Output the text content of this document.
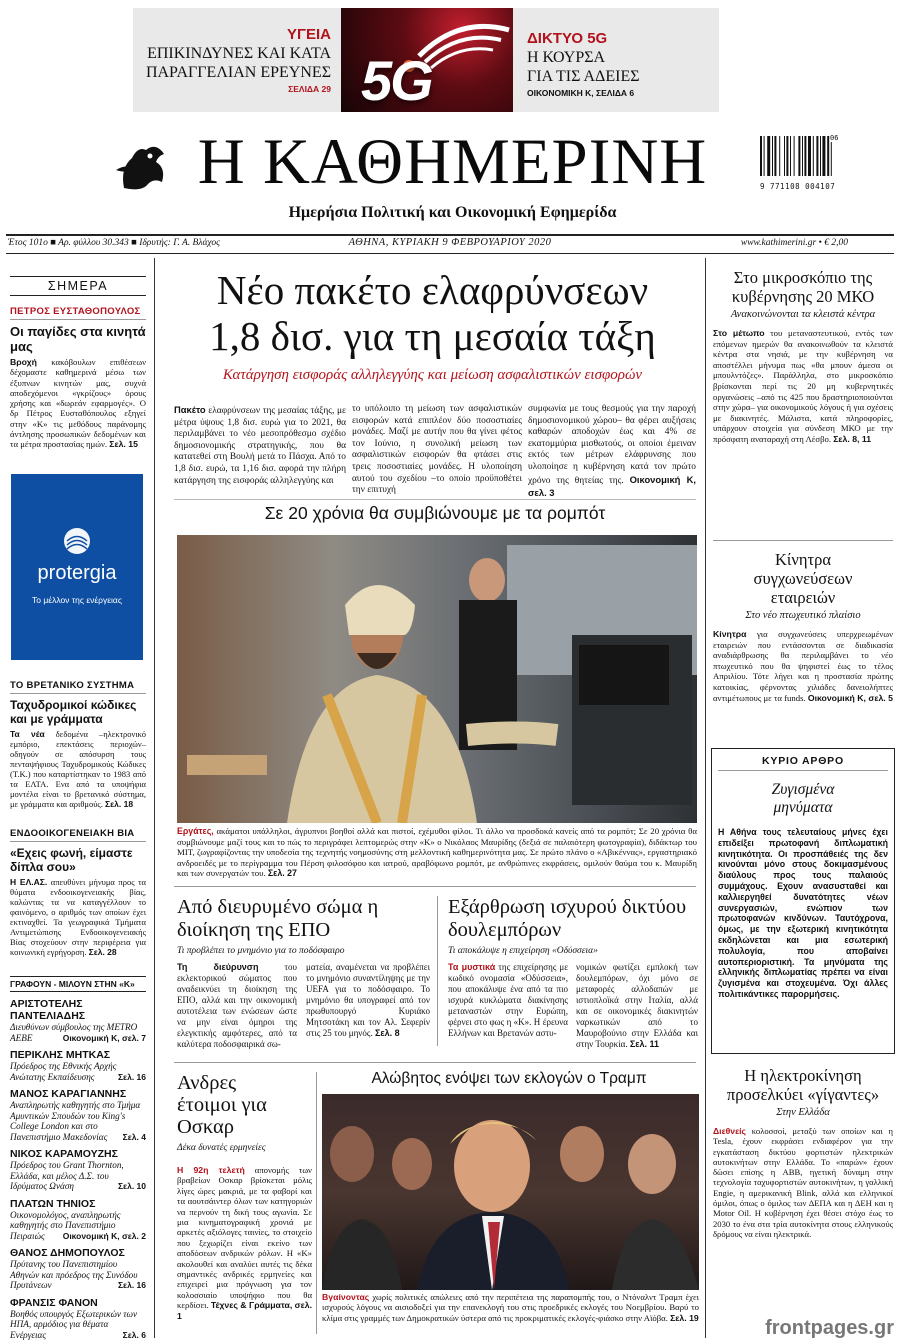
ΥΓΕΙΑ
ΕΠΙΚΙΝΔΥΝΕΣ ΚΑΙ ΚΑΤΑ
ΠΑΡΑΓΓΕΛΙΑΝ ΕΡΕΥΝΕΣ
ΣΕΛΙΔΑ 29 5G
ΔΙΚΤΥΟ 5G
Η ΚΟΥΡΣΑ
ΓΙΑ ΤΙΣ ΑΔΕΙΕΣ
ΟΙΚΟΝΟΜΙΚΗ Κ, ΣΕΛΙΔΑ 6
Η ΚΑΘΗΜΕΡΙΝΗ
Ημερήσια Πολιτική και Οικονομική Εφημερίδα
06
9 771108 004107
Έτος 101ο ■ Αρ. φύλλου 30.343 ■ Ιδρυτής: Γ. Α. Βλάχος	ΑΘΗΝΑ, ΚΥΡΙΑΚΗ 9 ΦΕΒΡΟΥΑΡΙΟΥ 2020	www.kathimerini.gr • € 2,00
ΣΗΜΕΡΑ
ΠΕΤΡΟΣ ΕΥΣΤΑΘΟΠΟΥΛΟΣ
Οι παγίδες στα κινητά μας
Βροχή κακόβουλων επιθέσεων δέχομαστε καθημερινά μέσω των έξυπνων κινητών μας, συχνά αποδεχόμενοι «γκρίζους» όρους χρήσης και «δωρεάν εφαρμογές». Ο δρ Πέτρος Ευσταθόπουλος εξηγεί στην «Κ» τις μεθόδους παράνομης άντλησης προσωπικών δεδομένων και τα μέτρα προστασίας ημών. Σελ. 15
protergia
Το μέλλον της ενέργειας
ΤΟ ΒΡΕΤΑΝΙΚΟ ΣΥΣΤΗΜΑ
Ταχυδρομικοί κώδικες και με γράμματα
Τα νέα δεδομένα –ηλεκτρονικό εμπόριο, επεκτάσεις περιοχών– οδηγούν σε απόσυρση τους πενταψήφιους Ταχυδρομικούς Κώδικες (Τ.Κ.) που καταρτίστηκαν το 1983 από τα ΕΛΤΑ. Ενα από τα υποψήφια μοντέλα είναι το βρετανικό σύστημα, με γράμματα και αριθμούς. Σελ. 18
ΕΝΔΟΟΙΚΟΓΕΝΕΙΑΚΗ ΒΙΑ
«Εχεις φωνή, είμαστε δίπλα σου»
Η ΕΛ.ΑΣ. απευθύνει μήνυμα προς τα θύματα ενδοοικογενειακής βίας, καλώντας τα να καταγγέλλουν το φαινόμενο, ο αριθμός των οποίων έχει εκτιναχθεί. Τα γεωγραφικά Τμήματα Αντιμετώπισης Ενδοοικογενειακής Βίας στοχεύουν στην περιφέρεια για κοινωνική εγρήγορση. Σελ. 28
ΓΡΑΦΟΥΝ - ΜΙΛΟΥΝ ΣΤΗΝ «Κ»
ΑΡΙΣΤΟΤΕΛΗΣ ΠΑΝΤΕΛΙΑΔΗΣ
Διευθύνων σύμβουλος της METRO AEBE	Οικονομική Κ, σελ. 7
ΠΕΡΙΚΛΗΣ ΜΗΤΚΑΣ
Πρόεδρος της Εθνικής Αρχής Ανώτατης Εκπαίδευσης	Σελ. 16
ΜΑΝΟΣ ΚΑΡΑΓΙΑΝΝΗΣ
Αναπληρωτής καθηγητής στο Τμήμα Αμυντικών Σπουδών του King's College London και στο Πανεπιστήμιο Μακεδονίας Σελ. 4
ΝΙΚΟΣ ΚΑΡΑΜΟΥΖΗΣ
Πρόεδρος του Grant Thornton, Ελλάδα, και μέλος Δ.Σ. του Ιδρύματος Ωνάση	Σελ. 10
ΠΛΑΤΩΝ ΤΗΝΙΟΣ
Οικονομολόγος, αναπληρωτής καθηγητής στο Πανεπιστήμιο Πειραιώς Οικονομική Κ, σελ. 2
ΘΑΝΟΣ ΔΗΜΟΠΟΥΛΟΣ
Πρύτανης του Πανεπιστημίου Αθηνών και πρόεδρος της Συνόδου Πρυτάνεων	Σελ. 16
ΦΡΑΝΣΙΣ ΦΑΝΟΝ
Βοηθός υπουργός Εξωτερικών των ΗΠΑ, αρμόδιος για θέματα Ενέργειας	Σελ. 6
Νέο πακέτο ελαφρύνσεων
1,8 δισ. για τη μεσαία τάξη
Κατάργηση εισφοράς αλληλεγγύης και μείωση ασφαλιστικών εισφορών
Πακέτο ελαφρύνσεων της μεσαίας τάξης, με μέτρα ύψους 1,8 δισ. ευρώ για το 2021, θα περιλαμβάνει το νέο μεσοπρόθεσμο σχέδιο δημοσιονομικής στρατηγικής, που θα κατατεθεί στη Βουλή μετά το Πάσχα. Από το 1,8 δισ. ευρώ, τα 1,16 δισ. αφορά την πλήρη κατάργηση της εισφοράς αλληλεγγύης και
το υπόλοιπο τη μείωση των ασφαλιστικών εισφορών κατά επιπλέον δύο ποσοστιαίες μονάδες. Μαζί με αυτήν που θα γίνει φέτος τον Ιούνιο, η συνολική μείωση των ασφαλιστικών εισφορών θα φτάσει στις τρεις ποσοστιαίες μονάδες. Η υλοποίηση αυτού του σχεδίου –το οποίο προϋποθέτει την επιτυχή
συμφωνία με τους θεσμούς για την παροχή δημοσιονομικού χώρου– θα φέρει αυξήσεις καθαρών αποδοχών έως και 4% σε εκατομμύρια μισθωτούς, οι οποίοι έμειναν εκτός των μέτρων ελάφρυνσης που υλοποίησε η κυβέρνηση κατά τον πρώτο χρόνο της θητείας της. Οικονομική Κ, σελ. 3
Σε 20 χρόνια θα συμβιώνουμε με τα ρομπότ
Εργάτες, ακάματοι υπάλληλοι, άγρυπνοι βοηθοί αλλά και πιστοί, εχέμυθοι φίλοι. Τι άλλο να προσδοκά κανείς από τα ρομπότ; Σε 20 χρόνια θα συμβιώνουμε μαζί τους και το πώς το περιγράφει λεπτομερώς στην «Κ» ο Νικόλαος Μαυρίδης (δεξιά σε παλαιότερη φωτογραφία), διδάκτωρ του MIT, ζωγραφίζοντας την υποδεσία της τεχνητής νοημοσύνης στη μελλοντική καθημερινότητα μας. Σε πρώτο πλάνο ο «Αβικέννας», εργαστηριακό ανδροειδές με το περίγραμμα του Πέρση φιλοσόφου και ιατρού, αραβόφωνο ρομπότ, με ανθρώπινες εκφράσεις, ομιλούν θαύμα του κ. Μαυρίδη και των συνεργατών του. Σελ. 27
Από διευρυμένο σώμα η διοίκηση της ΕΠΟ
Τι προβλέπει το μνημόνιο για το ποδόσφαιρο
Τη διεύρυνση του εκλεκτορικού σώματος που αναδεικνύει τη διοίκηση της ΕΠΟ, αλλά και την οικονομική αυτοτέλεια των ενώσεων ώστε να μην είναι όμηροι της ελεγκτικής αμφότερες, από τα καλύτερα ποδοσφαιρικά σω-
ματεία, αναμένεται να προβλέπει το μνημόνιο συναντίληψης με την UEFA για το ποδόσφαιρο. Το μνημόνιο θα υπογραφεί από τον πρωθυπουργό Κυριάκο Μητσοτάκη και τον Αλ. Σεφερίν στις 25 του μηνός. Σελ. 8
Εξάρθρωση ισχυρού δικτύου δουλεμπόρων
Τι αποκάλυψε η επιχείρηση «Οδύσσεια»
Τα μυστικά της επιχείρησης με κωδικό ονομασία «Οδύσσεια», που αποκάλυψε ένα από τα πιο ισχυρά κυκλώματα διακίνησης μεταναστών στην Ευρώπη, φέρνει στο φως η «Κ». Η έρευνα Ελλήνων και Βρετανών αστυ-
νομικών φωτίζει εμπλοκή των δουλεμπόρων, όχι μόνο σε μεταφορές αλλοδαπών με ιστιοπλοϊκά στην Ιταλία, αλλά και σε οικονομικές διακινητών ναρκωτικών από το Μαυροβούνιο στην Ελλάδα και στην Τουρκία. Σελ. 11
Ανδρες έτοιμοι για Οσκαρ
Δέκα δυνατές ερμηνείες
Η 92η τελετή απονομής των βραβείων Οσκαρ βρίσκεται μόλις λίγες ώρες μακριά, με τα φαβορί και τα αουτσάιντερ όλων των κατηγοριών να περνούν τη δική τους αγωνία. Σε μια κινηματογραφική χρονιά με αρκετές αξιόλογες ταινίες, το στοιχείο που ξεχωρίζει είναι εκείνο των αποδόσεων ανδρικών ρόλων. Η «Κ» ακολουθεί και αναλύει αυτές τις δέκα σημαντικές ανδρικές ερμηνείες και επιχειρεί μια πρόγνωση για τον κολοσσιαίο υποψήφιο που θα κερδίσει. Τέχνες & Γράμματα, σελ. 1
Αλώβητος ενόψει των εκλογών ο Τραμπ
Βγαίνοντας χωρίς πολιτικές απώλειες από την περιπέτεια της παραπομπής του, ο Ντόναλντ Τραμπ έχει ισχυρούς λόγους να αισιοδοξεί για την επανεκλογή του στις προεδρικές εκλογές του Νοεμβρίου. Βαρύ το κλίμα στις γραμμές των Δημοκρατικών ύστερα από τις προκριματικές εκλογές-φιάσκο στην Αϊόβα. Σελ. 19
Στο μικροσκόπιο της κυβέρνησης 20 ΜΚΟ
Ανακοινώνονται τα κλειστά κέντρα
Στο μέτωπο του μεταναστευτικού, εντός των επόμενων ημερών θα ανακοινωθούν τα κλειστά κέντρα στα νησιά, με την κυβέρνηση να αποστέλλει μήνυμα πως «θα μπουν άμεσα οι μπουλντόζες». Παράλληλα, στο μικροσκόπιο βρίσκονται περί τις 20 μη κυβερνητικές οργανώσεις –από τις 425 που δραστηριοποιούνται στην χώρα– για οικονομικούς λόγους ή για σχέσεις με διακινητές. Μάλιστα, κατά πληροφορίες, υπάρχουν στοιχεία για σύνδεση ΜΚΟ με την πρόσφατη αναταραχή στη Λέσβο. Σελ. 8, 11
Κίνητρα συγχωνεύσεων εταιρειών
Στο νέο πτωχευτικό πλαίσιο
Κίνητρα για συγχωνεύσεις υπερχρεωμένων εταιρειών που εντάσσονται σε διαδικασία αναδιάρθρωσης θα περιλαμβάνει το νέο πτωχευτικό που θα ψηφιστεί έως το τέλος Απριλίου. Τότε λήγει και η προστασία πρώτης κατοικίας, φέρνοντας χιλιάδες δανειολήπτες αντιμέτωπους με τα funds. Οικονομική Κ, σελ. 5
ΚΥΡΙΟ ΑΡΘΡΟ
Ζυγισμένα μηνύματα
Η Αθήνα τους τελευταίους μήνες έχει επιδείξει πρωτοφανή διπλωματική κινητικότητα. Οι προσπάθειές της δεν κινούνται μόνο στους δοκιμασμένους διαύλους προς τους παλαιούς συμμάχους. Εχουν ανασυσταθεί και καλλιεργηθεί δυνατότητες νέων συνεργασιών, ενώπιον των πρωτοφανών κινδύνων. Ταυτόχρονα, όμως, με την εξωτερική κινητικότητα εκδηλώνεται και μια εσωτερική πολυλογία, που αποβαίνει αυτοπεριοριστική. Τα μηνύματα της ελληνικής διπλωματίας πρέπει να είναι ζυγισμένα και στοχευμένα. Όχι άλλες πολιτικάντικες παρορμήσεις.
Η ηλεκτροκίνηση προσελκύει «γίγαντες»
Στην Ελλάδα
Διεθνείς κολοσσοί, μεταξύ των οποίων και η Tesla, έχουν εκφράσει ενδιαφέρον για την εγκατάσταση δικτύου φορτιστών ηλεκτρικών αυτοκινήτων στην Ελλάδα. Το «παρών» έχουν δώσει επίσης η ABB, ηγετική δύναμη στην τεχνολογία ταχυφορτιστών αυτοκινήτων, η γαλλική Engie, η αμερικανική Blink, αλλά και ελληνικοί όμιλοι, όπως ο όμιλος των ΔΕΠΑ και η ΔΕΗ και η Motor Oil. Η κυβέρνηση έχει θέσει στόχο έως το 2030 το ένα στα τρία αυτοκίνητα στους ελληνικούς δρόμους να είναι ηλεκτρικά.
frontpages.gr
